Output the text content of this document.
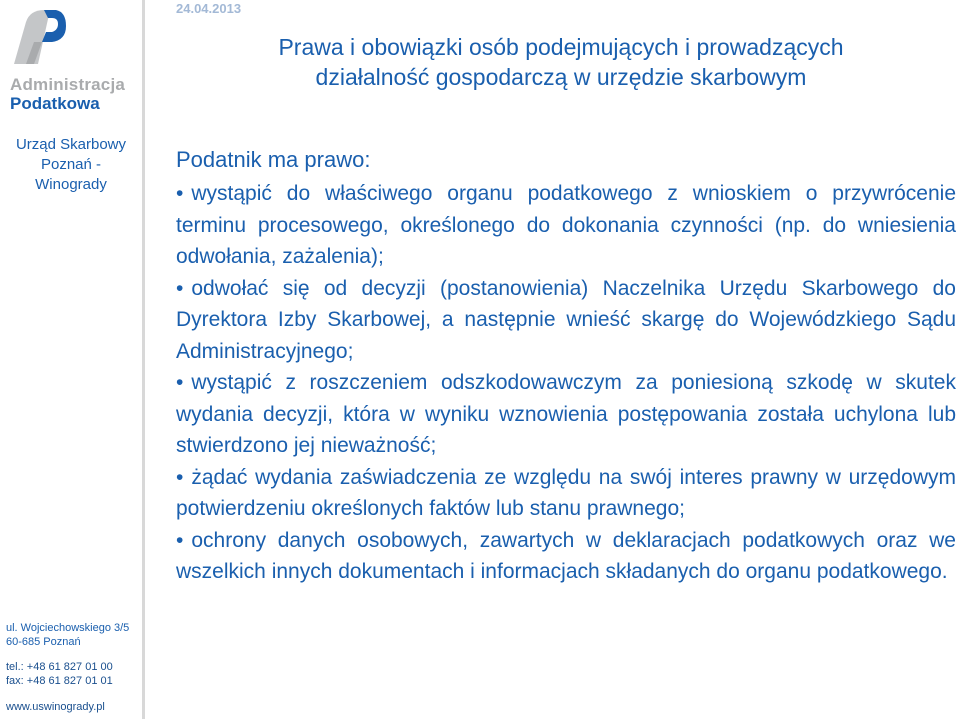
Administracja
Podatkowa
Urząd Skarbowy
Poznań -
Winogrady
ul. Wojciechowskiego 3/5
60-685 Poznań
tel.: +48 61 827 01 00
fax: +48 61 827 01 01
www.uswinogrady.pl
24.04.2013
Prawa i obowiązki osób podejmujących i prowadzących
działalność gospodarczą w urzędzie skarbowym
Podatnik ma prawo:
• wystąpić do właściwego organu podatkowego z wnioskiem o przywrócenie terminu procesowego, określonego do dokonania czynności (np. do wniesienia odwołania, zażalenia);
• odwołać się od decyzji (postanowienia) Naczelnika Urzędu Skarbowego do Dyrektora Izby Skarbowej, a następnie wnieść skargę do Wojewódzkiego Sądu Administracyjnego;
• wystąpić z roszczeniem odszkodowawczym za poniesioną szkodę w skutek wydania decyzji, która w wyniku wznowienia postępowania została uchylona lub stwierdzono jej nieważność;
• żądać wydania zaświadczenia ze względu na swój interes prawny w urzędowym potwierdzeniu określonych faktów lub stanu prawnego;
• ochrony danych osobowych, zawartych w deklaracjach podatkowych oraz we wszelkich innych dokumentach i informacjach składanych do organu podatkowego.
